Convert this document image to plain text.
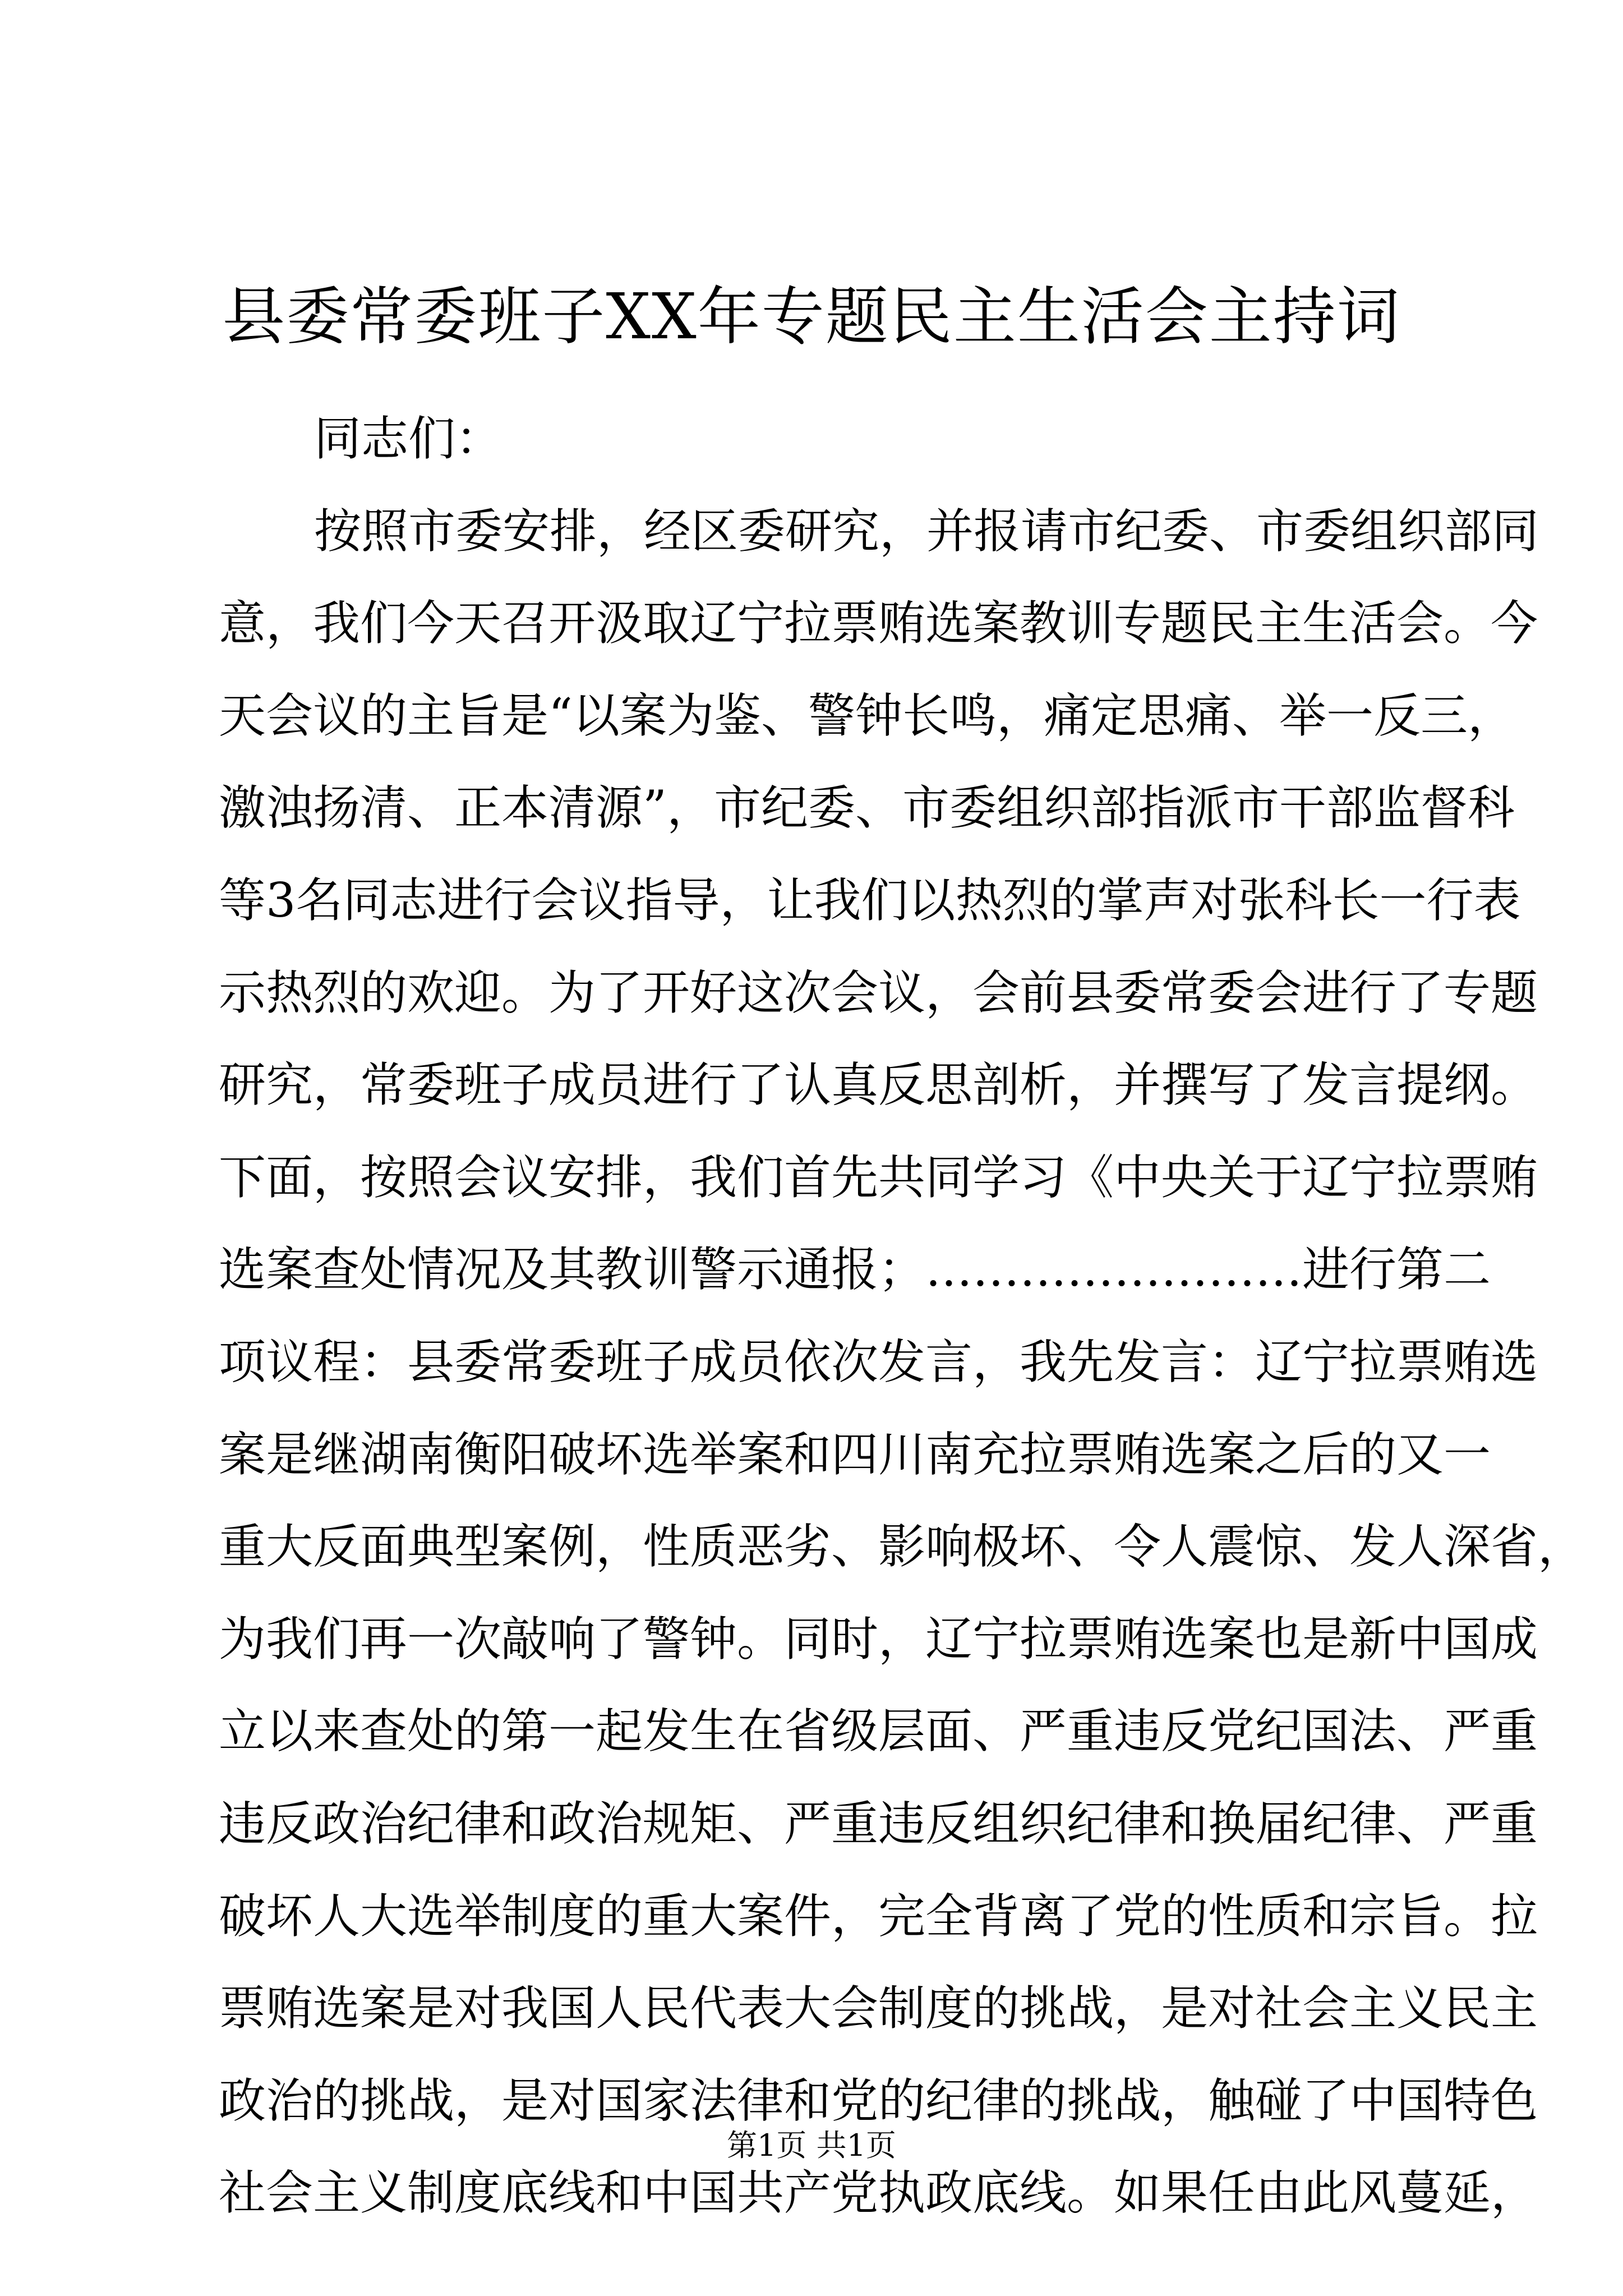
县委常委班子XX年专题民主生活会主持词
同志们：
按照市委安排，经区委研究，并报请市纪委、市委组织部同
意，我们今天召开汲取辽宁拉票贿选案教训专题民主生活会。今
天会议的主旨是“以案为鉴、警钟长鸣，痛定思痛、举一反三，
激浊扬清、正本清源”，市纪委、市委组织部指派市干部监督科
等3名同志进行会议指导，让我们以热烈的掌声对张科长一行表
示热烈的欢迎。为了开好这次会议，会前县委常委会进行了专题
研究，常委班子成员进行了认真反思剖析，并撰写了发言提纲。
下面，按照会议安排，我们首先共同学习《中央关于辽宁拉票贿
选案查处情况及其教训警示通报；……………………进行第二
项议程：县委常委班子成员依次发言，我先发言：辽宁拉票贿选
案是继湖南衡阳破坏选举案和四川南充拉票贿选案之后的又一
重大反面典型案例，性质恶劣、影响极坏、令人震惊、发人深省，
为我们再一次敲响了警钟。同时，辽宁拉票贿选案也是新中国成
立以来查处的第一起发生在省级层面、严重违反党纪国法、严重
违反政治纪律和政治规矩、严重违反组织纪律和换届纪律、严重
破坏人大选举制度的重大案件，完全背离了党的性质和宗旨。拉
票贿选案是对我国人民代表大会制度的挑战，是对社会主义民主
政治的挑战，是对国家法律和党的纪律的挑战，触碰了中国特色
社会主义制度底线和中国共产党执政底线。如果任由此风蔓延，
第1页 共1页
